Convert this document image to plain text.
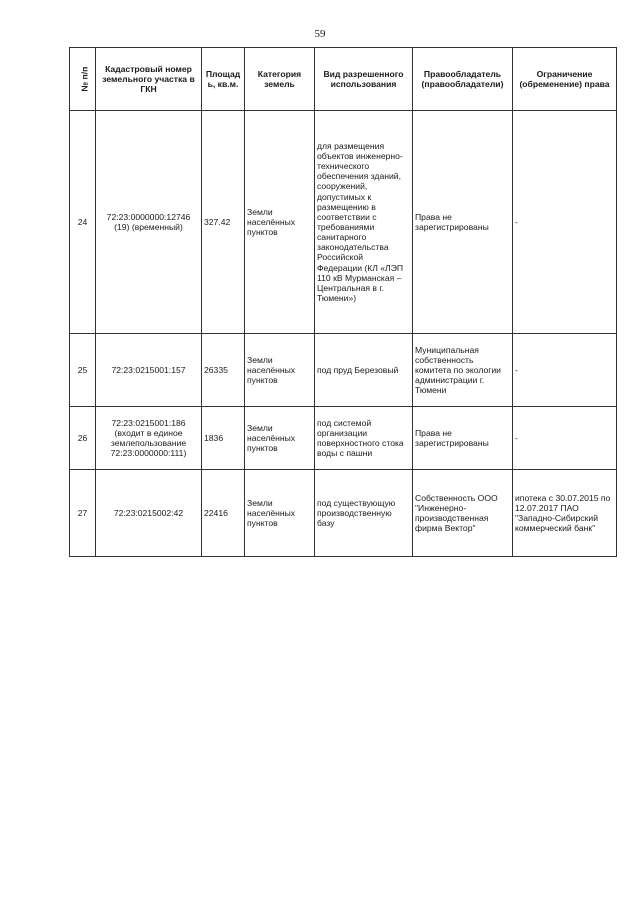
59
№ п/п	Кадастровый номер земельного участка в ГКН	Площадь, кв.м.	Категория земель	Вид разрешенного использования	Правообладатель (правообладатели)	Ограничение (обременение) права
24	72:23:0000000:12746 (19) (временный)	327.42	Земли населённых пунктов	для размещения объектов инженерно-технического обеспечения зданий, сооружений, допустимых к размещению в соответствии с требованиями санитарного законодательства Российской Федерации (КЛ «ЛЭП 110 кВ Мурманская – Центральная в г. Тюмени»)	Права не зарегистрированы	-
25	72:23:0215001:157	26335	Земли населённых пунктов	под пруд Березовый	Муниципальная собственность комитета по экологии администрации г. Тюмени	-
26	72:23:0215001:186 (входит в единое землепользование 72:23:0000000:111)	1836	Земли населённых пунктов	под системой организации поверхностного стока воды с пашни	Права не зарегистрированы	-
27	72:23:0215002:42	22416	Земли населённых пунктов	под существующую производственную базу	Собственность ООО "Инженерно-производственная фирма Вектор"	ипотека с 30.07.2015 по 12.07.2017 ПАО "Западно-Сибирский коммерческий банк"
